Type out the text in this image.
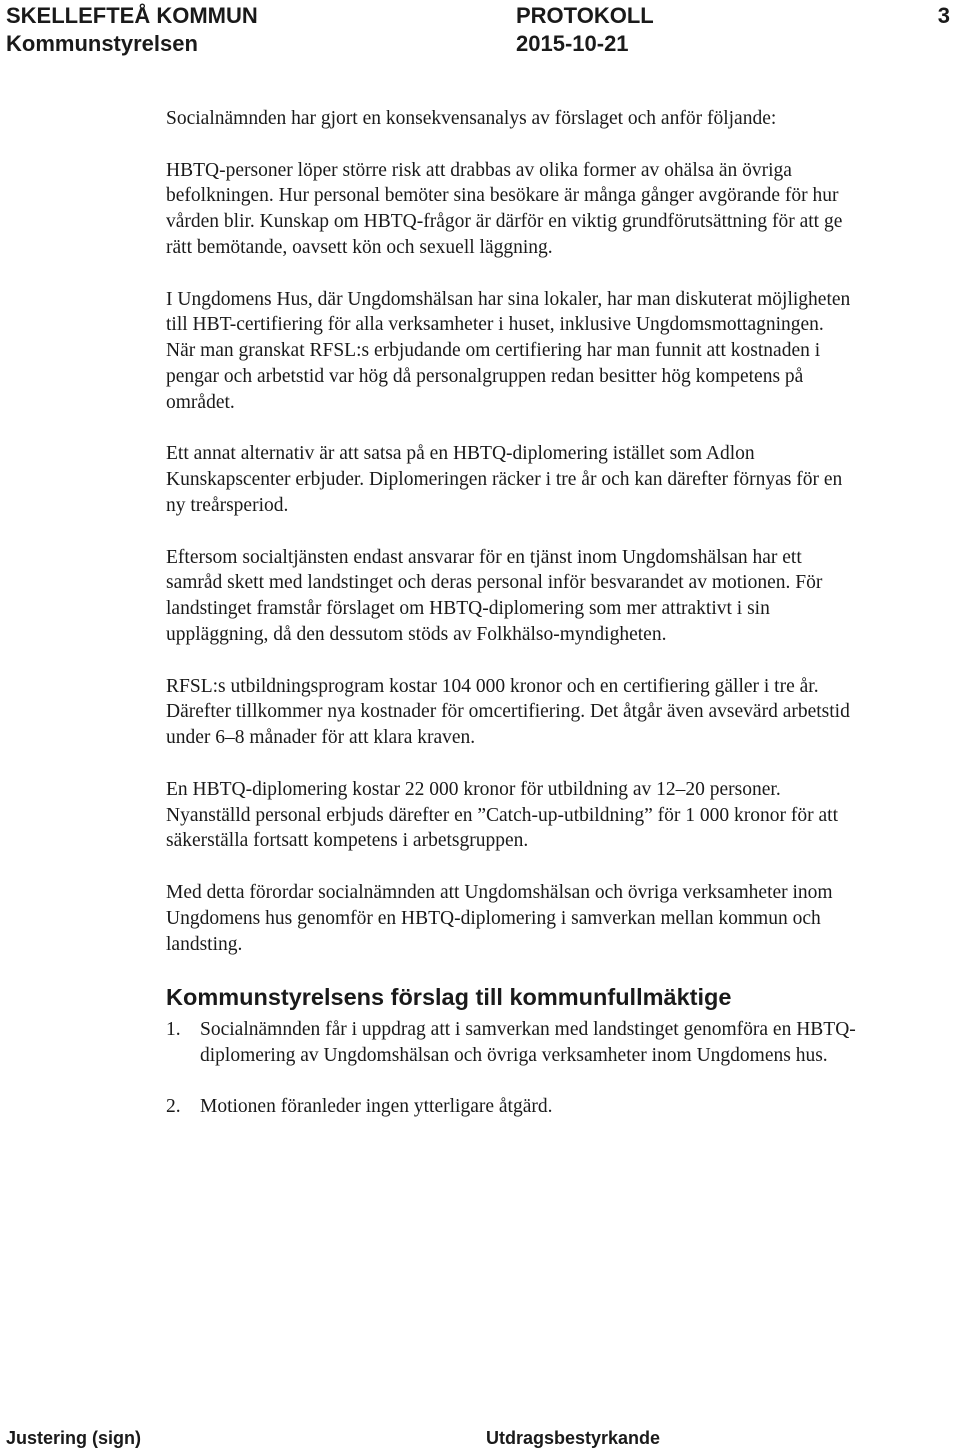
SKELLEFTEÅ KOMMUN	PROTOKOLL	3
Kommunstyrelsen	2015-10-21

Socialnämnden har gjort en konsekvensanalys av förslaget och anför följande:

HBTQ-personer löper större risk att drabbas av olika former av ohälsa än övriga befolkningen. Hur personal bemöter sina besökare är många gånger avgörande för hur vården blir. Kunskap om HBTQ-frågor är därför en viktig grundförutsättning för att ge rätt bemötande, oavsett kön och sexuell läggning.

I Ungdomens Hus, där Ungdomshälsan har sina lokaler, har man diskuterat möjligheten till HBT-certifiering för alla verksamheter i huset, inklusive Ungdomsmottagningen. När man granskat RFSL:s erbjudande om certifiering har man funnit att kostnaden i pengar och arbetstid var hög då personalgruppen redan besitter hög kompetens på området.

Ett annat alternativ är att satsa på en HBTQ-diplomering istället som Adlon Kunskapscenter erbjuder. Diplomeringen räcker i tre år och kan därefter förnyas för en ny treårsperiod.

Eftersom socialtjänsten endast ansvarar för en tjänst inom Ungdomshälsan har ett samråd skett med landstinget och deras personal inför besvarandet av motionen. För landstinget framstår förslaget om HBTQ-diplomering som mer attraktivt i sin uppläggning, då den dessutom stöds av Folkhälso-myndigheten.

RFSL:s utbildningsprogram kostar 104 000 kronor och en certifiering gäller i tre år. Därefter tillkommer nya kostnader för omcertifiering. Det åtgår även avsevärd arbetstid under 6–8 månader för att klara kraven.

En HBTQ-diplomering kostar 22 000 kronor för utbildning av 12–20 personer. Nyanställd personal erbjuds därefter en ”Catch-up-utbildning” för 1 000 kronor för att säkerställa fortsatt kompetens i arbetsgruppen.

Med detta förordar socialnämnden att Ungdomshälsan och övriga verksamheter inom Ungdomens hus genomför en HBTQ-diplomering i samverkan mellan kommun och landsting.

Kommunstyrelsens förslag till kommunfullmäktige
1. Socialnämnden får i uppdrag att i samverkan med landstinget genomföra en HBTQ-diplomering av Ungdomshälsan och övriga verksamheter inom Ungdomens hus.
2. Motionen föranleder ingen ytterligare åtgärd.
Justering (sign)	Utdragsbestyrkande
